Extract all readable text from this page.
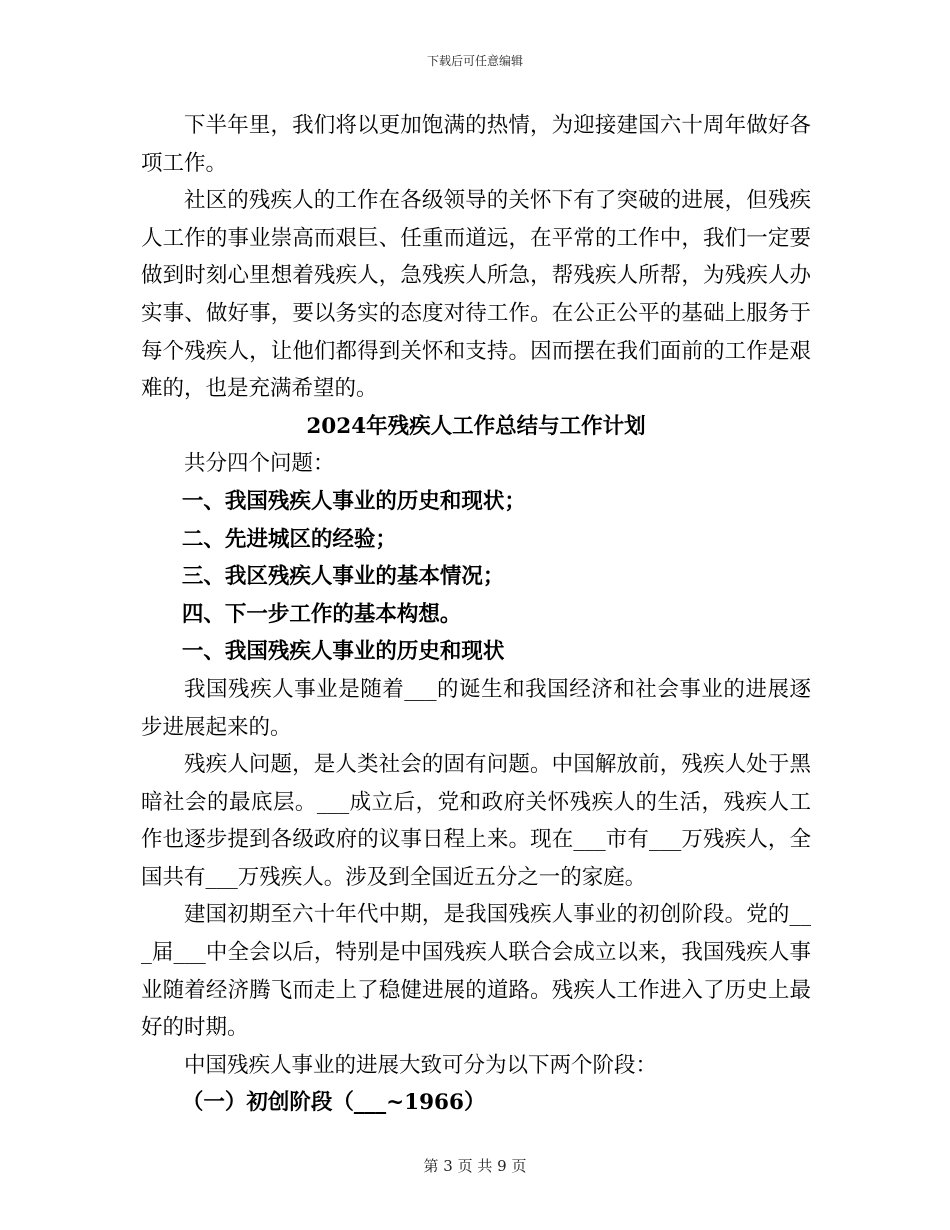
下载后可任意编辑

下半年里，我们将以更加饱满的热情，为迎接建国六十周年做好各项工作。

社区的残疾人的工作在各级领导的关怀下有了突破的进展，但残疾人工作的事业崇高而艰巨、任重而道远，在平常的工作中，我们一定要做到时刻心里想着残疾人，急残疾人所急，帮残疾人所帮，为残疾人办实事、做好事，要以务实的态度对待工作。在公正公平的基础上服务于每个残疾人，让他们都得到关怀和支持。因而摆在我们面前的工作是艰难的，也是充满希望的。

2024年残疾人工作总结与工作计划

共分四个问题：

一、我国残疾人事业的历史和现状；

二、先进城区的经验；

三、我区残疾人事业的基本情况；

四、下一步工作的基本构想。

一、我国残疾人事业的历史和现状

我国残疾人事业是随着___的诞生和我国经济和社会事业的进展逐步进展起来的。

残疾人问题，是人类社会的固有问题。中国解放前，残疾人处于黑暗社会的最底层。___成立后，党和政府关怀残疾人的生活，残疾人工作也逐步提到各级政府的议事日程上来。现在___市有___万残疾人，全国共有___万残疾人。涉及到全国近五分之一的家庭。

建国初期至六十年代中期，是我国残疾人事业的初创阶段。党的___届___中全会以后，特别是中国残疾人联合会成立以来，我国残疾人事业随着经济腾飞而走上了稳健进展的道路。残疾人工作进入了历史上最好的时期。

中国残疾人事业的进展大致可分为以下两个阶段：

（一）初创阶段（___~1966）

第 3 页 共 9 页
